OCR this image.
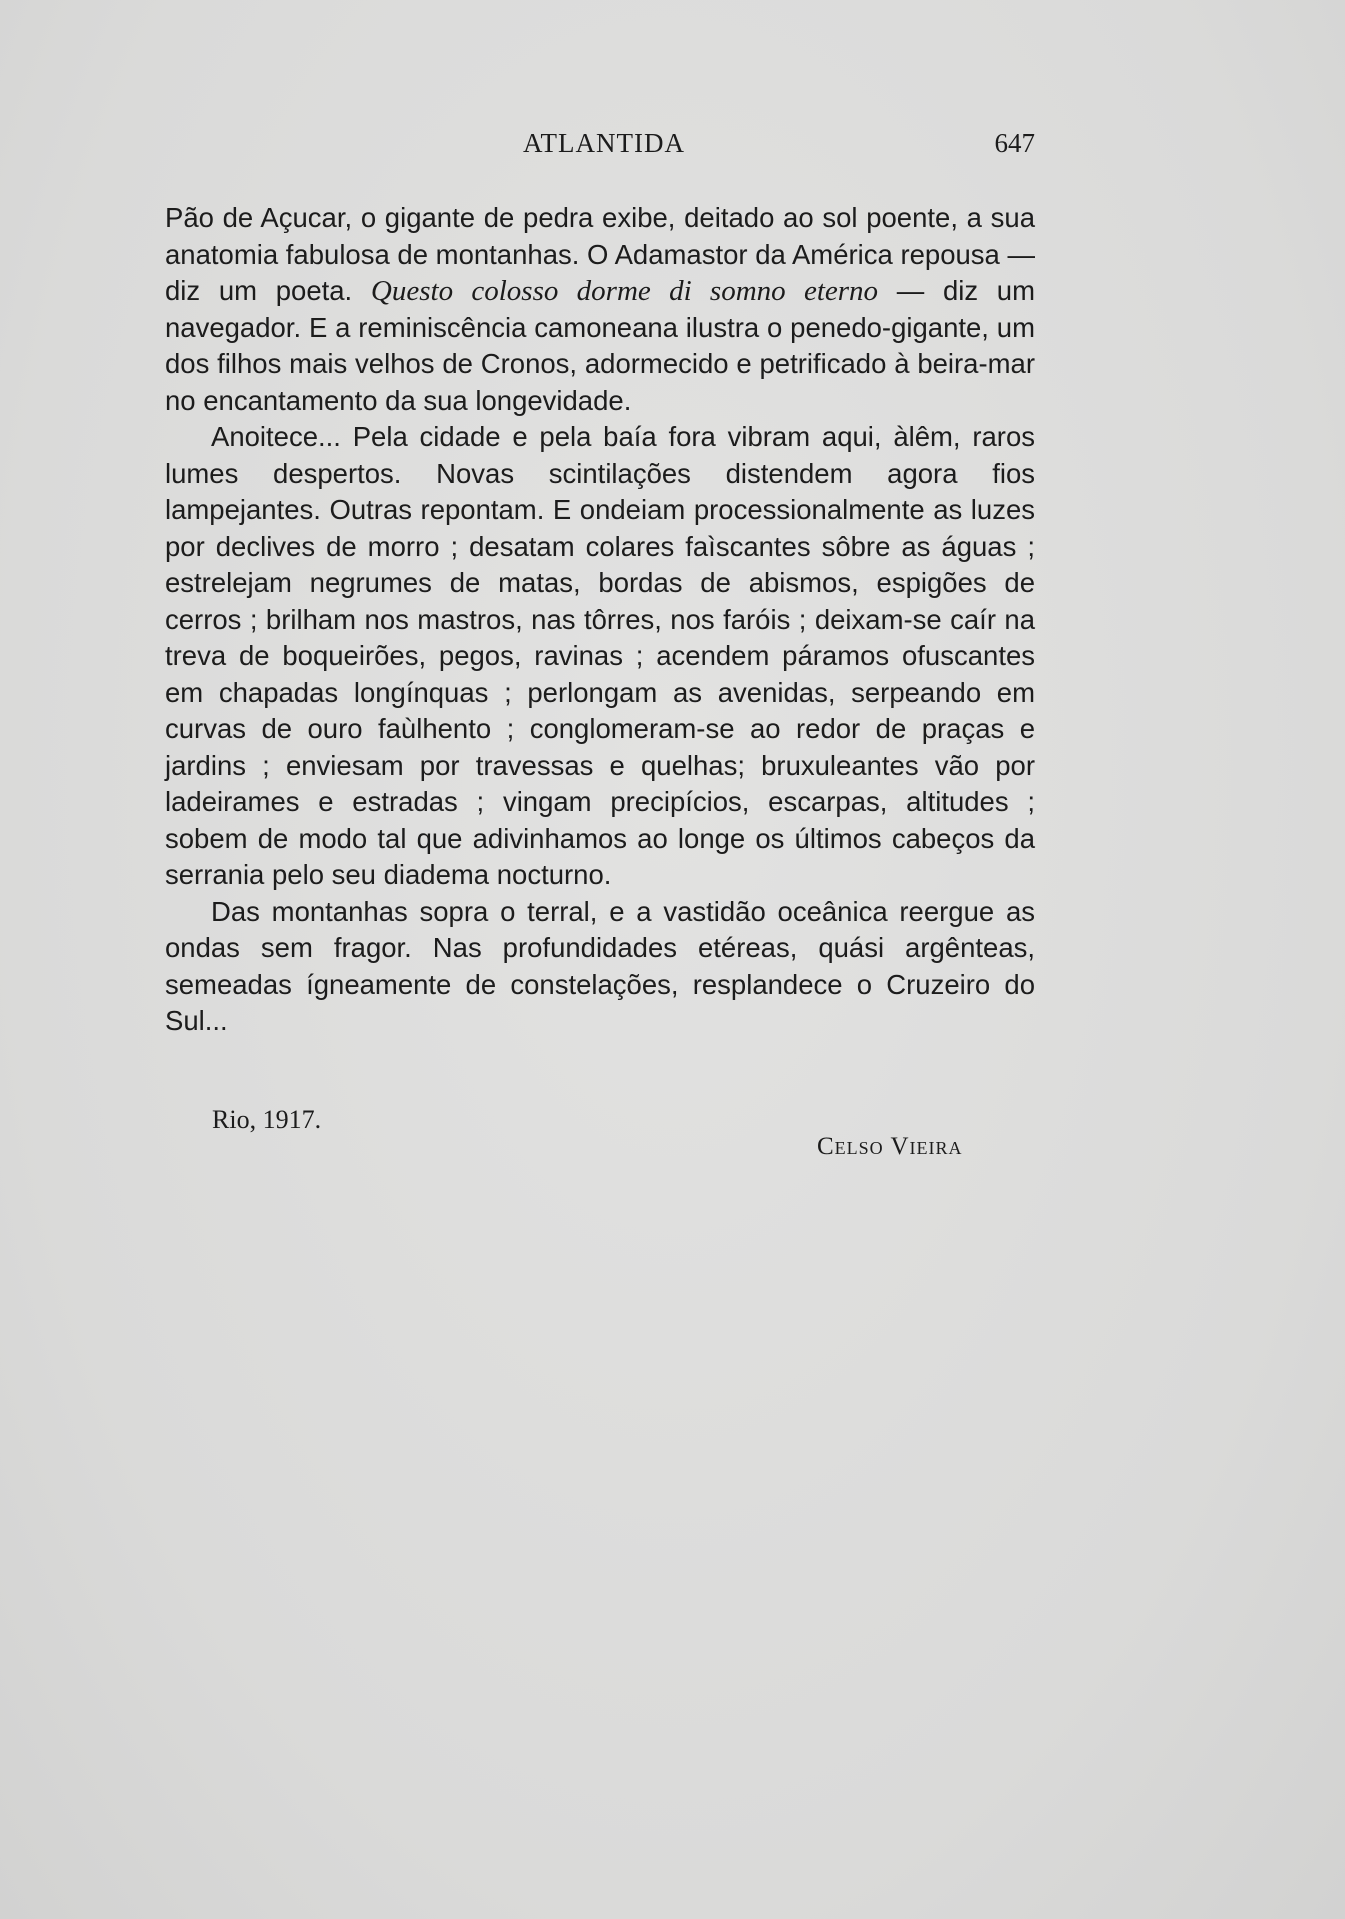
ATLANTIDA	647

Pão de Açucar, o gigante de pedra exibe, deitado ao sol poente, a sua anatomia fabulosa de montanhas. O Adamastor da América repousa — diz um poeta. Questo colosso dorme di somno eterno — diz um navegador. E a reminiscência camoneana ilustra o penedo-gigante, um dos filhos mais velhos de Cronos, adormecido e petrificado à beira-mar no encantamento da sua longevidade.

Anoitece... Pela cidade e pela baía fora vibram aqui, àlêm, raros lumes despertos. Novas scintilações distendem agora fios lampejantes. Outras repontam. E ondeiam processionalmente as luzes por declives de morro ; desatam colares faìscantes sôbre as águas ; estrelejam negrumes de matas, bordas de abismos, espigões de cerros ; brilham nos mastros, nas tôrres, nos faróis ; deixam-se caír na treva de boqueirões, pegos, ravinas ; acendem páramos ofuscantes em chapadas longínquas ; perlongam as avenidas, serpeando em curvas de ouro faùlhento ; conglomeram-se ao redor de praças e jardins ; enviesam por travessas e quelhas; bruxuleantes vão por ladeirames e estradas ; vingam precipícios, escarpas, altitudes ; sobem de modo tal que adivinhamos ao longe os últimos cabeços da serrania pelo seu diadema nocturno.

Das montanhas sopra o terral, e a vastidão oceânica reergue as ondas sem fragor. Nas profundidades etéreas, quási argênteas, semeadas ígneamente de constelações, resplandece o Cruzeiro do Sul...

Rio, 1917.
Celso Vieira
